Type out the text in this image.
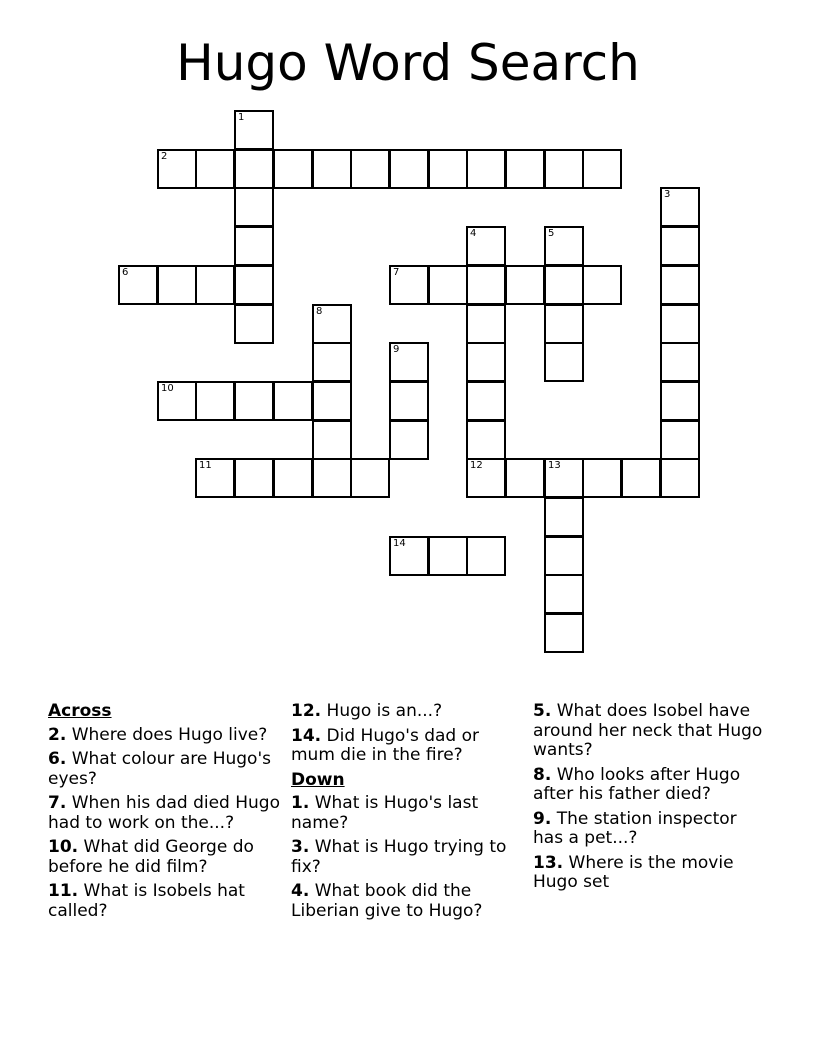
Hugo Word Search
1
2
3
4
12
5
6	7
8
9
10
11	13
14
Across
2. Where does Hugo live?
6. What colour are Hugo's eyes?
7. When his dad died Hugo had to work on the...?
10. What did George do before he did film?
11. What is Isobels hat called?
12. Hugo is an...?
14. Did Hugo's dad or mum die in the fire?
Down
1. What is Hugo's last name?
3. What is Hugo trying to fix?
4. What book did the Liberian give to Hugo?
5. What does Isobel have around her neck that Hugo wants?
8. Who looks after Hugo after his father died?
9. The station inspector has a pet...?
13. Where is the movie Hugo set
